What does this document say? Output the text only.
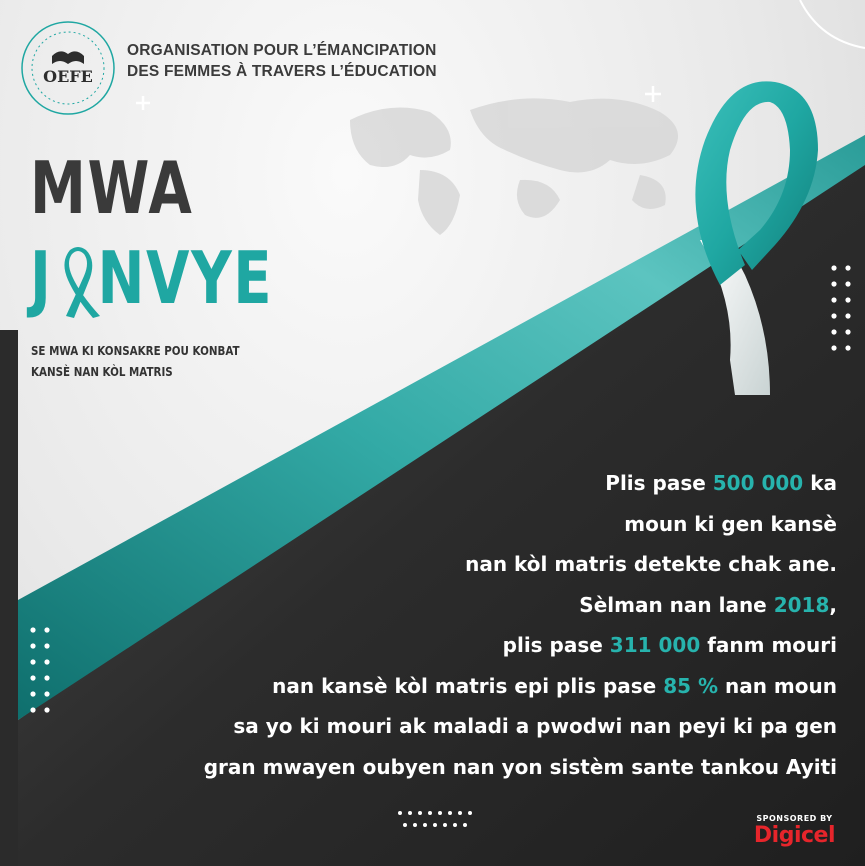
OEFE
ORGANISATION POUR L’ÉMANCIPATION
DES FEMMES À TRAVERS L’ÉDUCATION
MWA
J NVYE
SE MWA KI KONSAKRE POU KONBAT
KANSÈ NAN KÒL MATRIS
Plis pase 500 000 ka
moun ki gen kansè
nan kòl matris detekte chak ane.
Sèlman nan lane 2018,
plis pase 311 000 fanm mouri
nan kansè kòl matris epi plis pase 85 % nan moun
sa yo ki mouri ak maladi a pwodwi nan peyi ki pa gen
gran mwayen oubyen nan yon sistèm sante tankou Ayiti
SPONSORED BY
Digicel
